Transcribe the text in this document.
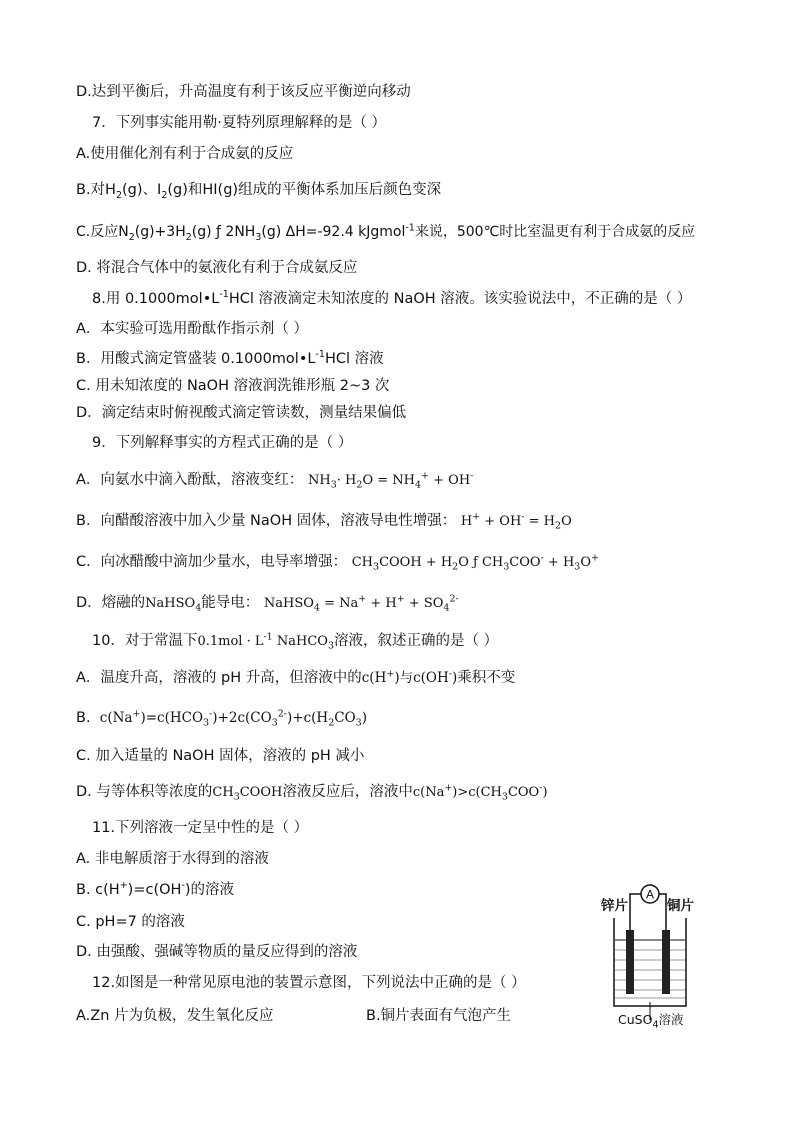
D.达到平衡后，升高温度有利于该反应平衡逆向移动
7．下列事实能用勒·夏特列原理解释的是（ ）
A.使用催化剂有利于合成氨的反应
B.对$H_2(g)$、$I_2(g)$和HI(g)组成的平衡体系加压后颜色变深
C.反应$N_2(g)+3H_2(g)$ ƒ $2NH_3(g)$ ΔH=-92.4 kJgmol$^{-1}$来说，500℃时比室温更有利于合成氨的反应
D. 将混合气体中的氨液化有利于合成氨反应
8.用 $0.1000mol•L^{-1}HCl$ 溶液滴定未知浓度的 NaOH 溶液。该实验说法中，不正确的是（ ）
A．本实验可选用酚酞作指示剂（ ）
B．用酸式滴定管盛装 $0.1000mol•L^{-1}HCl$ 溶液
C. 用未知浓度的 NaOH 溶液润洗锥形瓶 2~3 次
D．滴定结束时俯视酸式滴定管读数，测量结果偏低
9．下列解释事实的方程式正确的是（ ）
A．向氨水中滴入酚酞，溶液变红： $NH_3\cdot H_2O = NH_4^+ + OH^-$
B．向醋酸溶液中加入少量 NaOH 固体，溶液导电性增强： $H^+ + OH^- = H_2O$
C．向冰醋酸中滴加少量水，电导率增强： $CH_3COOH + H_2O$ ƒ $CH_3COO^- + H_3O^+$
D．熔融的NaHSO$_4$能导电： NaHSO$_4$ = $Na^+ + H^+ + SO_4^{2-}$
10．对于常温下$0.1mol \cdot L^{-1}$ NaHCO$_3$溶液，叙述正确的是（ ）
A．温度升高，溶液的 pH 升高，但溶液中的c(H+)与c(OH-)乘积不变
B. $c(Na^+)=c(HCO_3^-)+2c(CO_3^{2-})+c(H_2CO_3)$
C. 加入适量的 NaOH 固体，溶液的 pH 减小
D. 与等体积等浓度的$CH_3COOH$溶液反应后，溶液中$c(Na^+)>c(CH_3COO^-)$
11.下列溶液一定呈中性的是（ ）
A. 非电解质溶于水得到的溶液
B. c(H+)=c(OH-)的溶液
C. pH=7 的溶液
D. 由强酸、强碱等物质的量反应得到的溶液
12.如图是一种常见原电池的装置示意图，下列说法中正确的是（ ）
A.Zn 片为负极，发生氧化反应	B.铜片表面有气泡产生
A
锌片	铜片
CuSO$_4$溶液
